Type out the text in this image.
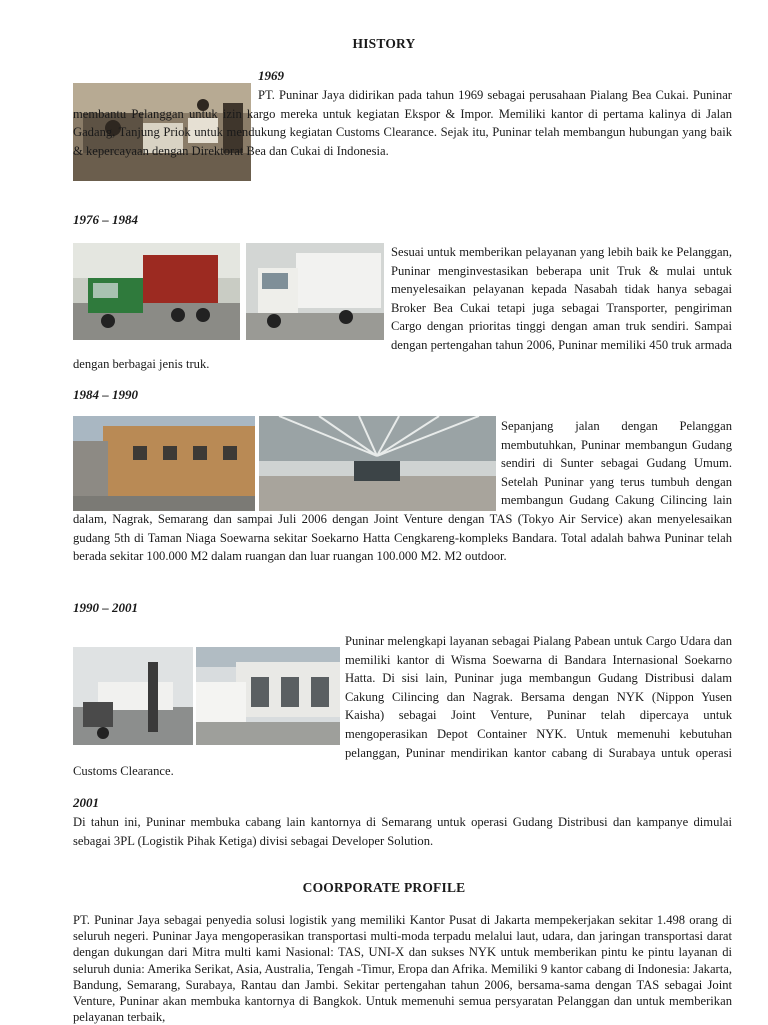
HISTORY
1969
PT. Puninar Jaya didirikan pada tahun 1969 sebagai perusahaan Pialang Bea Cukai. Puninar membantu Pelanggan untuk izin kargo mereka untuk kegiatan Ekspor & Impor. Memiliki kantor di pertama kalinya di Jalan Gadang, Tanjung Priok untuk mendukung kegiatan Customs Clearance. Sejak itu, Puninar telah membangun hubungan yang baik & kepercayaan dengan Direktorat Bea dan Cukai di Indonesia.
1976 – 1984
Sesuai untuk memberikan pelayanan yang lebih baik ke Pelanggan, Puninar menginvestasikan beberapa unit Truk & mulai untuk menyelesaikan pelayanan kepada Nasabah tidak hanya sebagai Broker Bea Cukai tetapi juga sebagai Transporter, pengiriman Cargo dengan prioritas tinggi dengan aman truk sendiri. Sampai dengan pertengahan tahun 2006, Puninar memiliki 450 truk armada dengan berbagai jenis truk.
1984 – 1990
Sepanjang jalan dengan Pelanggan membutuhkan, Puninar membangun Gudang sendiri di Sunter sebagai Gudang Umum. Setelah Puninar yang terus tumbuh dengan membangun Gudang Cakung Cilincing lain dalam, Nagrak, Semarang dan sampai Juli 2006 dengan Joint Venture dengan TAS (Tokyo Air Service) akan menyelesaikan gudang 5th di Taman Niaga Soewarna sekitar Soekarno Hatta Cengkareng-kompleks Bandara. Total adalah bahwa Puninar telah berada sekitar 100.000 M2 dalam ruangan dan luar ruangan 100.000 M2. M2 outdoor.
1990 – 2001
Puninar melengkapi layanan sebagai Pialang Pabean untuk Cargo Udara dan memiliki kantor di Wisma Soewarna di Bandara Internasional Soekarno Hatta. Di sisi lain, Puninar juga membangun Gudang Distribusi dalam Cakung Cilincing dan Nagrak. Bersama dengan NYK (Nippon Yusen Kaisha) sebagai Joint Venture, Puninar telah dipercaya untuk mengoperasikan Depot Container NYK. Untuk memenuhi kebutuhan pelanggan, Puninar mendirikan kantor cabang di Surabaya untuk operasi Customs Clearance.
2001
Di tahun ini, Puninar membuka cabang lain kantornya di Semarang untuk operasi Gudang Distribusi dan kampanye dimulai sebagai 3PL (Logistik Pihak Ketiga) divisi sebagai Developer Solution.
COORPORATE PROFILE
PT. Puninar Jaya sebagai penyedia solusi logistik yang memiliki Kantor Pusat di Jakarta mempekerjakan sekitar 1.498 orang di seluruh negeri. Puninar Jaya mengoperasikan transportasi multi-moda terpadu melalui laut, udara, dan jaringan transportasi darat dengan dukungan dari Mitra multi kami Nasional: TAS, UNI-X dan sukses NYK untuk memberikan pintu ke pintu layanan di seluruh dunia: Amerika Serikat, Asia, Australia, Tengah -Timur, Eropa dan Afrika. Memiliki 9 kantor cabang di Indonesia: Jakarta, Bandung, Semarang, Surabaya, Rantau dan Jambi. Sekitar pertengahan tahun 2006, bersama-sama dengan TAS sebagai Joint Venture, Puninar akan membuka kantornya di Bangkok. Untuk memenuhi semua persyaratan Pelanggan dan untuk memberikan pelayanan terbaik,
